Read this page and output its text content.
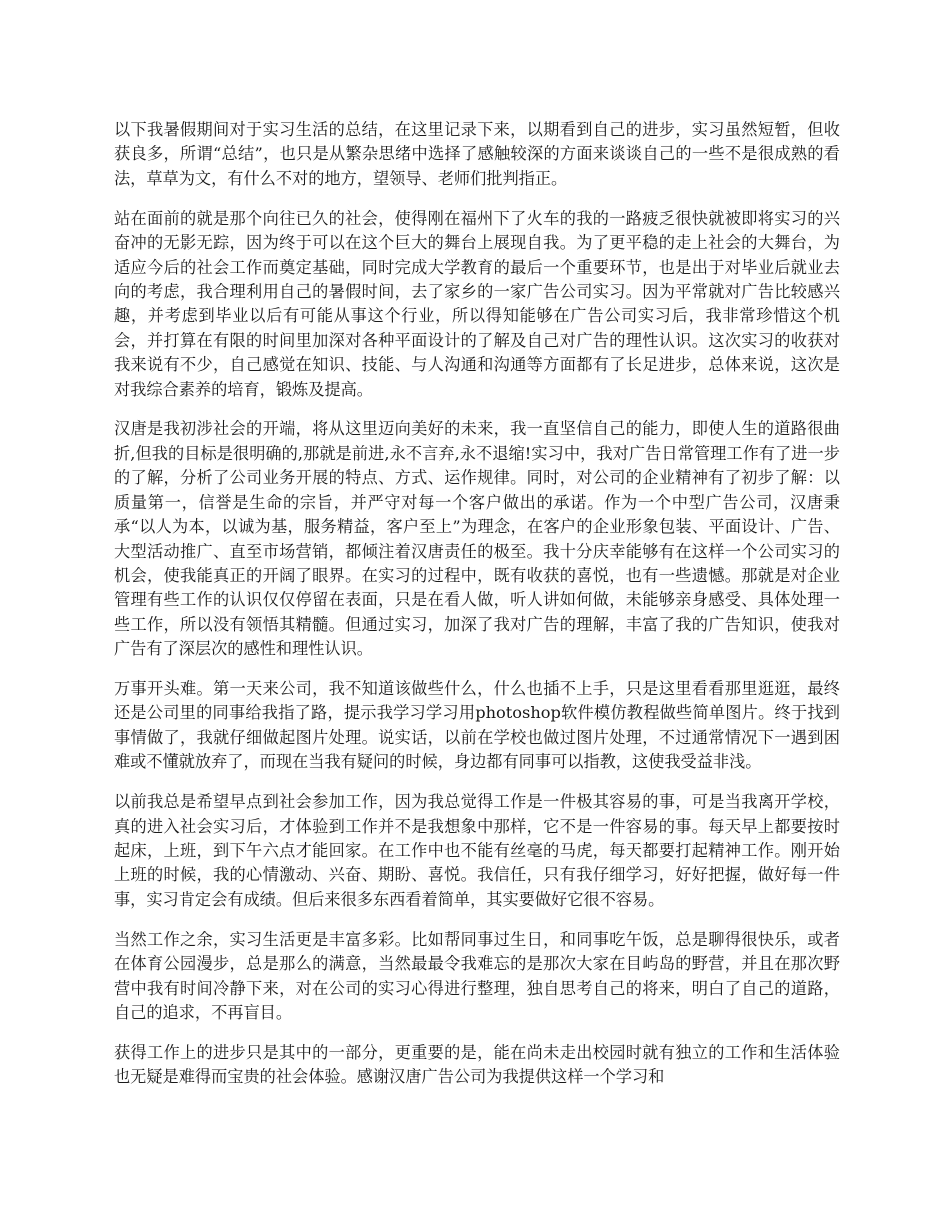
以下我暑假期间对于实习生活的总结，在这里记录下来，以期看到自己的进步，实习虽然短暂，但收获良多，所谓“总结”，也只是从繁杂思绪中选择了感触较深的方面来谈谈自己的一些不是很成熟的看法，草草为文，有什么不对的地方，望领导、老师们批判指正。

站在面前的就是那个向往已久的社会，使得刚在福州下了火车的我的一路疲乏很快就被即将实习的兴奋冲的无影无踪，因为终于可以在这个巨大的舞台上展现自我。为了更平稳的走上社会的大舞台，为适应今后的社会工作而奠定基础，同时完成大学教育的最后一个重要环节，也是出于对毕业后就业去向的考虑，我合理利用自己的暑假时间，去了家乡的一家广告公司实习。因为平常就对广告比较感兴趣，并考虑到毕业以后有可能从事这个行业，所以得知能够在广告公司实习后，我非常珍惜这个机会，并打算在有限的时间里加深对各种平面设计的了解及自己对广告的理性认识。这次实习的收获对我来说有不少，自己感觉在知识、技能、与人沟通和沟通等方面都有了长足进步，总体来说，这次是对我综合素养的培育，锻炼及提高。

汉唐是我初涉社会的开端，将从这里迈向美好的未来，我一直坚信自己的能力，即使人生的道路很曲折,但我的目标是很明确的,那就是前进,永不言弃,永不退缩!实习中，我对广告日常管理工作有了进一步的了解，分析了公司业务开展的特点、方式、运作规律。同时，对公司的企业精神有了初步了解：以质量第一，信誉是生命的宗旨，并严守对每一个客户做出的承诺。作为一个中型广告公司，汉唐秉承“以人为本，以诚为基，服务精益，客户至上”为理念，在客户的企业形象包装、平面设计、广告、大型活动推广、直至市场营销，都倾注着汉唐责任的极至。我十分庆幸能够有在这样一个公司实习的机会，使我能真正的开阔了眼界。在实习的过程中，既有收获的喜悦，也有一些遗憾。那就是对企业管理有些工作的认识仅仅停留在表面，只是在看人做，听人讲如何做，未能够亲身感受、具体处理一些工作，所以没有领悟其精髓。但通过实习，加深了我对广告的理解，丰富了我的广告知识，使我对广告有了深层次的感性和理性认识。

万事开头难。第一天来公司，我不知道该做些什么，什么也插不上手，只是这里看看那里逛逛，最终还是公司里的同事给我指了路，提示我学习学习用photoshop软件模仿教程做些简单图片。终于找到事情做了，我就仔细做起图片处理。说实话，以前在学校也做过图片处理，不过通常情况下一遇到困难或不懂就放弃了，而现在当我有疑问的时候，身边都有同事可以指教，这使我受益非浅。

以前我总是希望早点到社会参加工作，因为我总觉得工作是一件极其容易的事，可是当我离开学校，真的进入社会实习后，才体验到工作并不是我想象中那样，它不是一件容易的事。每天早上都要按时起床，上班，到下午六点才能回家。在工作中也不能有丝毫的马虎，每天都要打起精神工作。刚开始上班的时候，我的心情激动、兴奋、期盼、喜悦。我信任，只有我仔细学习，好好把握，做好每一件事，实习肯定会有成绩。但后来很多东西看着简单，其实要做好它很不容易。

当然工作之余，实习生活更是丰富多彩。比如帮同事过生日，和同事吃午饭，总是聊得很快乐，或者在体育公园漫步，总是那么的满意，当然最最令我难忘的是那次大家在目屿岛的野营，并且在那次野营中我有时间冷静下来，对在公司的实习心得进行整理，独自思考自己的将来，明白了自己的道路，自己的追求，不再盲目。

获得工作上的进步只是其中的一部分，更重要的是，能在尚未走出校园时就有独立的工作和生活体验也无疑是难得而宝贵的社会体验。感谢汉唐广告公司为我提供这样一个学习和
